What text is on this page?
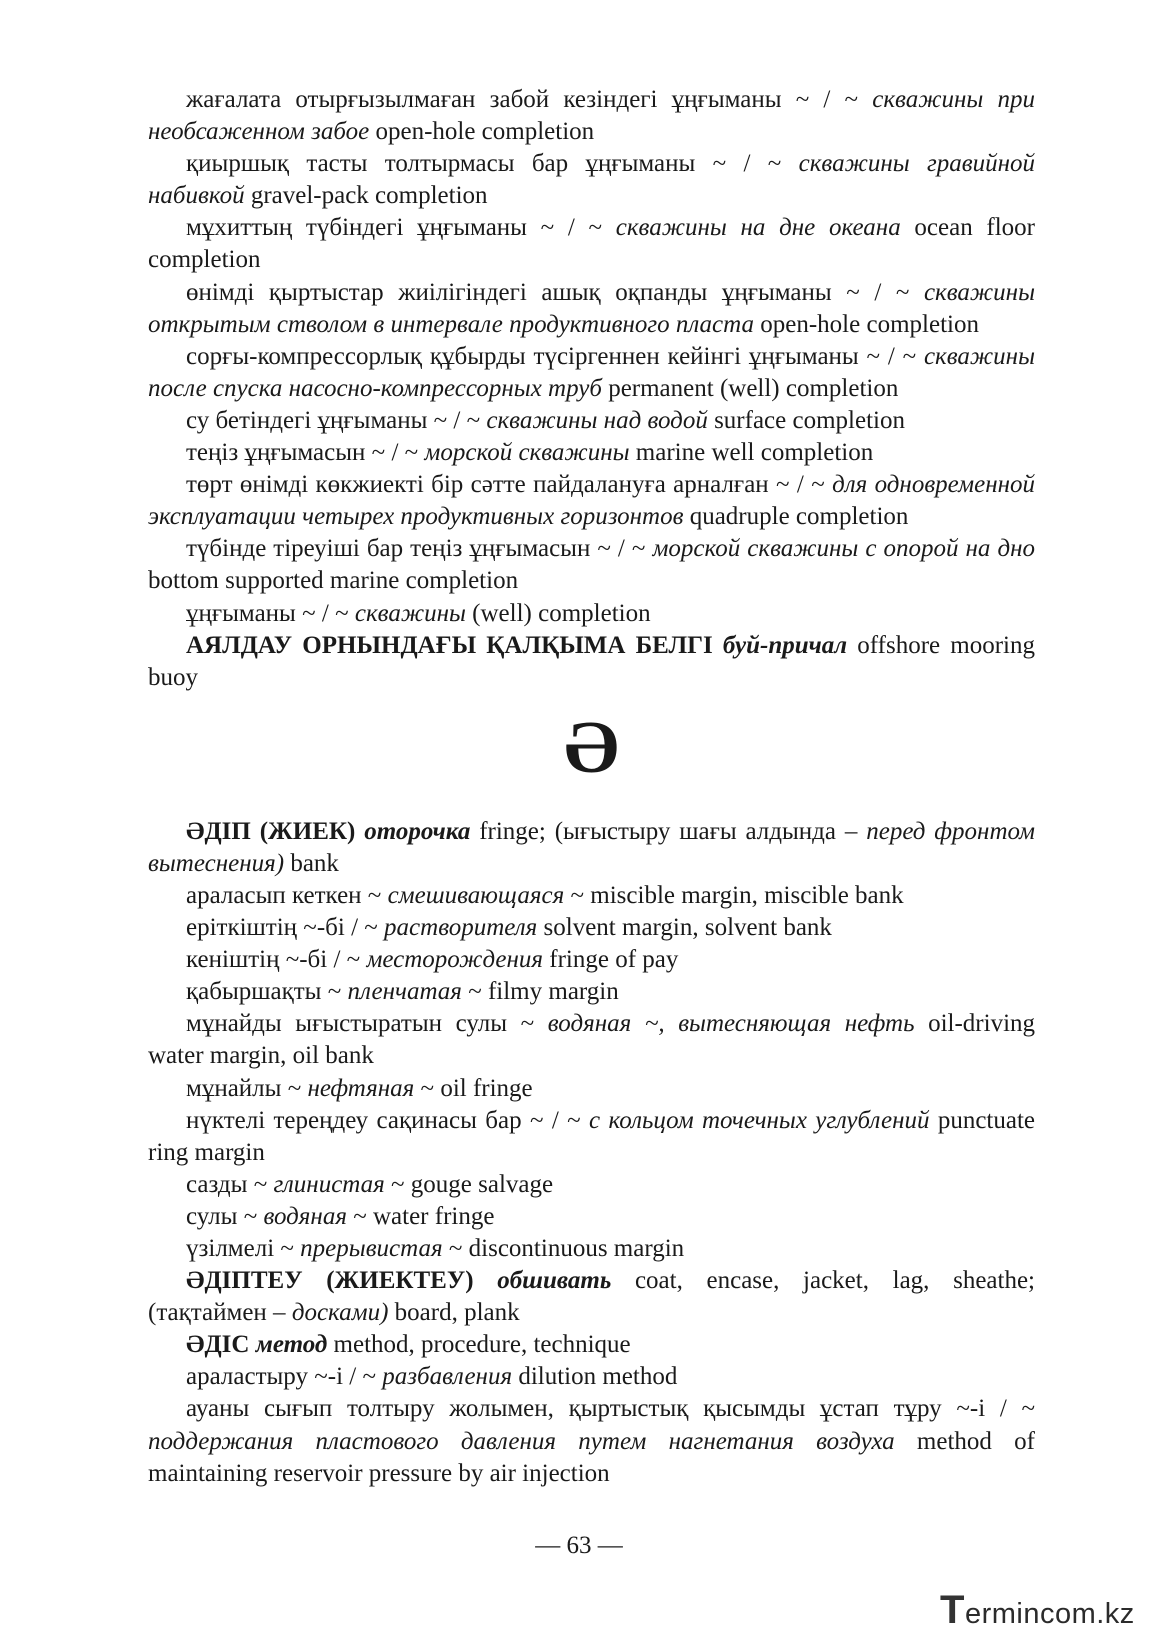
жағалата отырғызылмаған забой кезіндегі ұңғыманы ~ / ~ скважины при необсаженном забое open-hole completion

қиыршық тасты толтырмасы бар ұңғыманы ~ / ~ скважины гравийной набивкой gravel-pack completion

мұхиттың түбіндегі ұңғыманы ~ / ~ скважины на дне океана ocean floor completion

өнімді қыртыстар жиілігіндегі ашық оқпанды ұңғыманы ~ / ~ скважины открытым стволом в интервале продуктивного пласта open-hole completion

сорғы-компрессорлық құбырды түсіргеннен кейінгі ұңғыманы ~ / ~ скважины после спуска насосно-компрессорных труб permanent (well) completion

су бетіндегі ұңғыманы ~ / ~ скважины над водой surface completion

теңіз ұңғымасын ~ / ~ морской скважины marine well completion

төрт өнімді көкжиекті бір сәтте пайдалануға арналған ~ / ~ для одновременной эксплуатации четырех продуктивных горизонтов quadruple completion

түбінде тіреуіші бар теңіз ұңғымасын ~ / ~ морской скважины с опорой на дно bottom supported marine completion

ұңғыманы ~ / ~ скважины (well) completion

АЯЛДАУ ОРНЫНДАҒЫ ҚАЛҚЫМА БЕЛГІ буй-причал offshore mooring buoy

Ә

ӘДІП (ЖИЕК) оторочка fringe; (ығыстыру шағы алдында – перед фронтом вытеснения) bank

араласып кеткен ~ смешивающаяся ~ miscible margin, miscible bank

еріткіштің ~-бі / ~ растворителя solvent margin, solvent bank

кеніштің ~-бі / ~ месторождения fringe of pay

қабыршақты ~ пленчатая ~ filmy margin

мұнайды ығыстыратын сулы ~ водяная ~, вытесняющая нефть oil-driving water margin, oil bank

мұнайлы ~ нефтяная ~ oil fringe

нүктелі тереңдеу сақинасы бар ~ / ~ с кольцом точечных углублений punctuate ring margin

сазды ~ глинистая ~ gouge salvage

сулы ~ водяная ~ water fringe

үзілмелі ~ прерывистая ~ discontinuous margin

ӘДІПТЕУ (ЖИЕКТЕУ) обшивать coat, encase, jacket, lag, sheathe; (тақтаймен – досками) board, plank

ӘДІС метод method, procedure, technique

араластыру ~-і / ~ разбавления dilution method

ауаны сығып толтыру жолымен, қыртыстық қысымды ұстап тұру ~-і / ~ поддержания пластового давления путем нагнетания воздуха method of maintaining reservoir pressure by air injection

— 63 —
Termincom.kz
